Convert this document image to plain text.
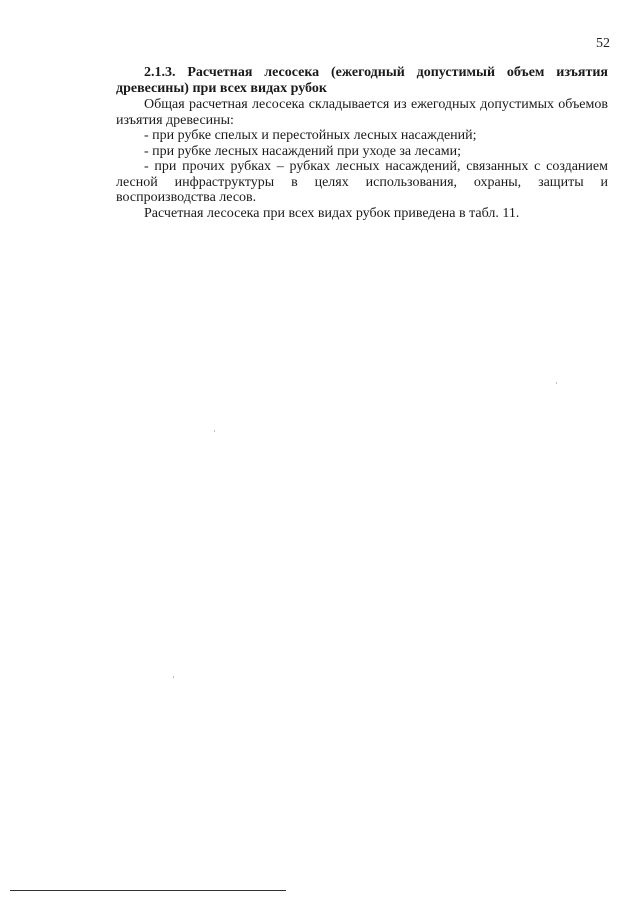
52

2.1.3. Расчетная лесосека (ежегодный допустимый объем изъятия древесины) при всех видах рубок

Общая расчетная лесосека складывается из ежегодных допустимых объемов изъятия древесины:

- при рубке спелых и перестойных лесных насаждений;

- при рубке лесных насаждений при уходе за лесами;

- при прочих рубках – рубках лесных насаждений, связанных с созданием лесной инфраструктуры в целях использования, охраны, защиты и воспроизводства лесов.

Расчетная лесосека при всех видах рубок приведена в табл. 11.
